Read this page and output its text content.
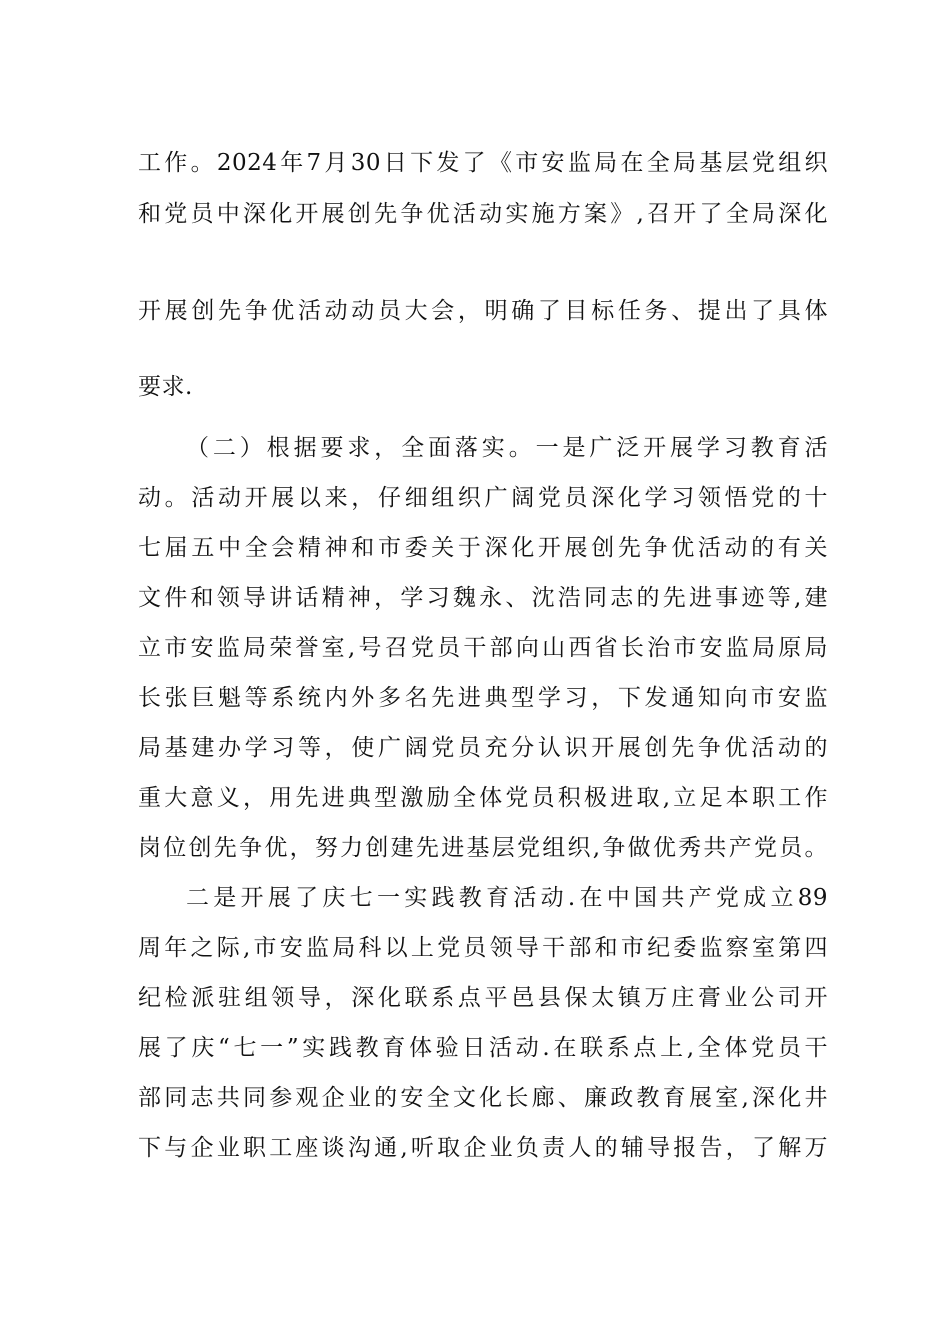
工作。2024年7月30日下发了《市安监局在全局基层党组织
和党员中深化开展创先争优活动实施方案》,召开了全局深化
开展创先争优活动动员大会，明确了目标任务、提出了具体
要求.
（二）根据要求，全面落实。一是广泛开展学习教育活
动。活动开展以来，仔细组织广阔党员深化学习领悟党的十
七届五中全会精神和市委关于深化开展创先争优活动的有关
文件和领导讲话精神，学习魏永、沈浩同志的先进事迹等,建
立市安监局荣誉室,号召党员干部向山西省长治市安监局原局
长张巨魁等系统内外多名先进典型学习，下发通知向市安监
局基建办学习等，使广阔党员充分认识开展创先争优活动的
重大意义，用先进典型激励全体党员积极进取,立足本职工作
岗位创先争优，努力创建先进基层党组织,争做优秀共产党员。
二是开展了庆七一实践教育活动.在中国共产党成立89
周年之际,市安监局科以上党员领导干部和市纪委监察室第四
纪检派驻组领导，深化联系点平邑县保太镇万庄膏业公司开
展了庆“七一”实践教育体验日活动.在联系点上,全体党员干
部同志共同参观企业的安全文化长廊、廉政教育展室,深化井
下与企业职工座谈沟通,听取企业负责人的辅导报告，了解万
